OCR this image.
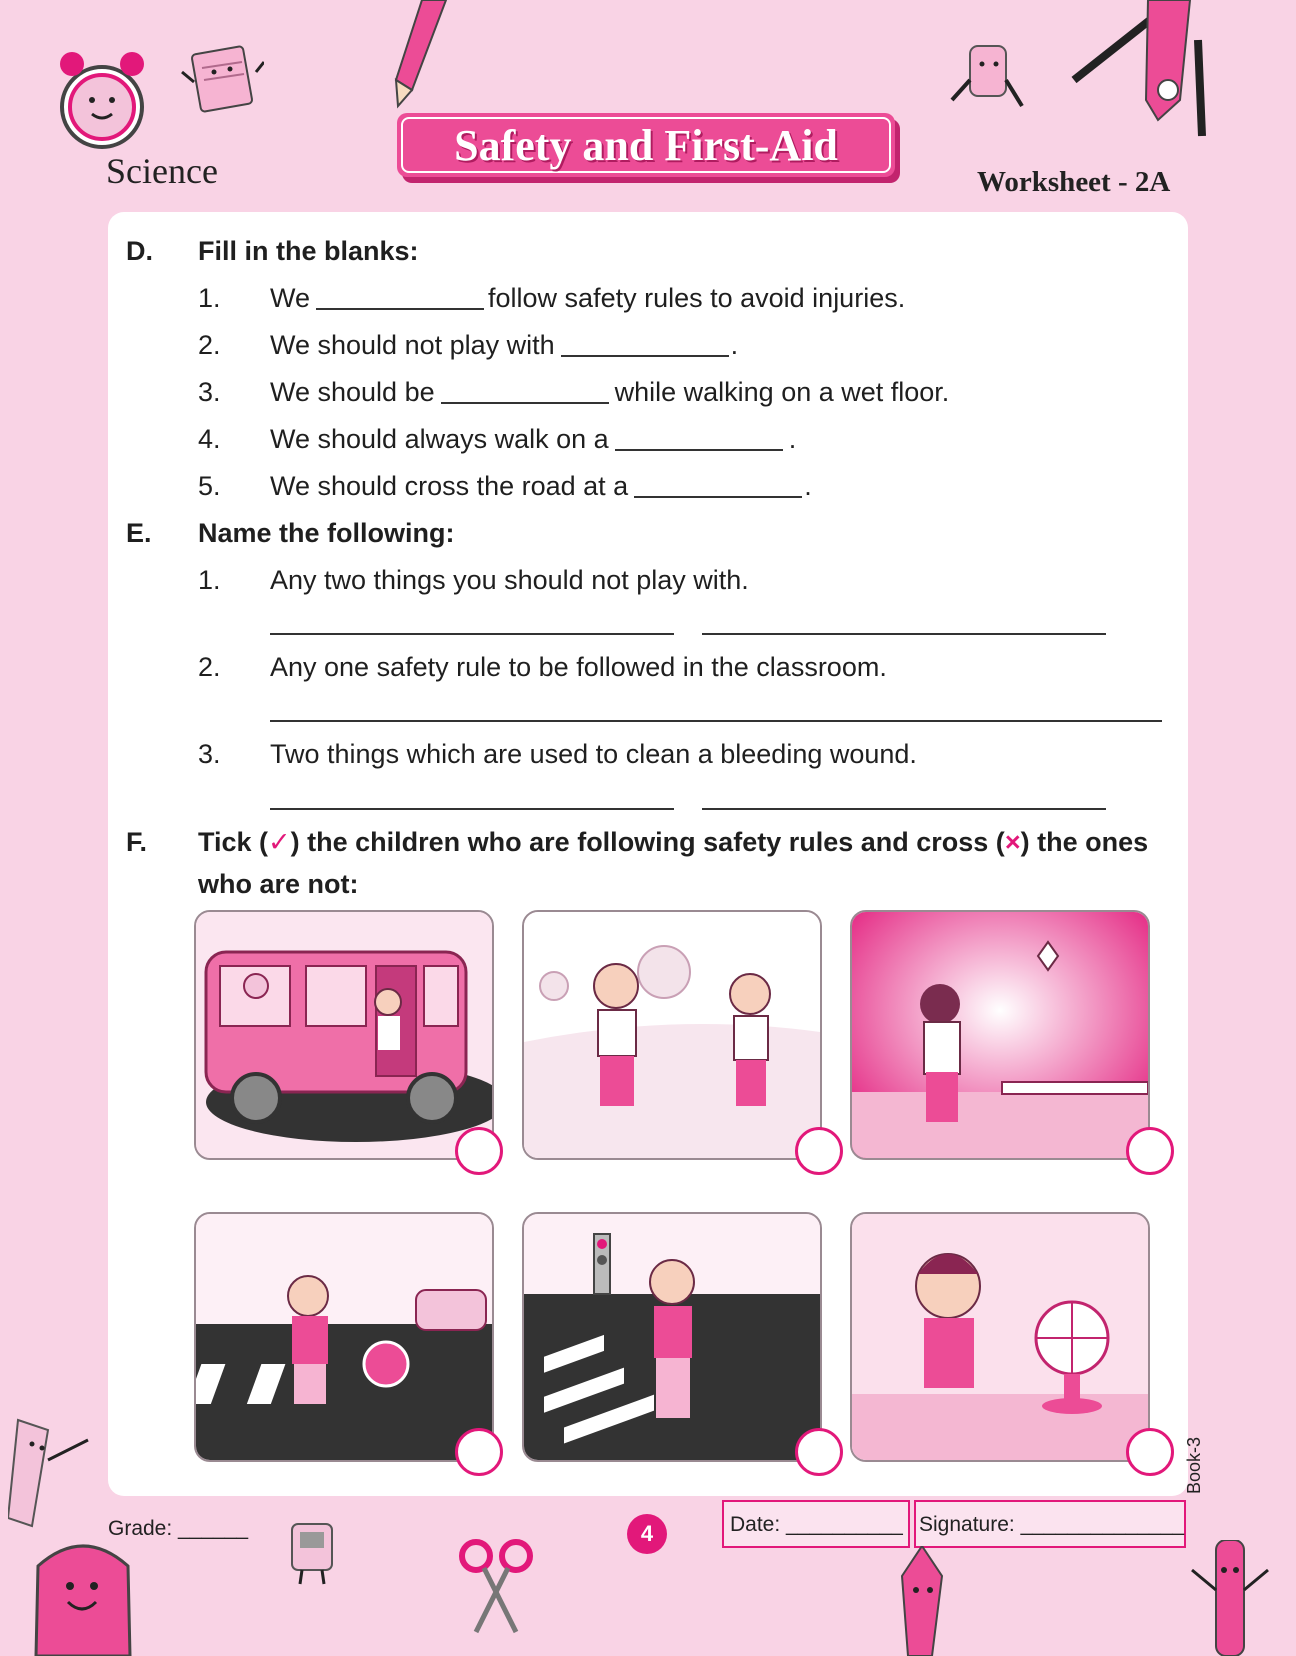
Science
Safety and First-Aid
Worksheet - 2A
D. Fill in the blanks:
1. We	follow safety rules to avoid injuries.
2. We should not play with	.
3. We should be	while walking on a wet floor.
4. We should always walk on a	.
5. We should cross the road at a	.
E. Name the following:
1. Any two things you should not play with.
2. Any one safety rule to be followed in the classroom.
3. Two things which are used to clean a bleeding wound.
F. Tick (✓) the children who are following safety rules and cross (×) the ones
who are not:
Book-3
Grade: ______	4	Date: __________ Signature: ______________
